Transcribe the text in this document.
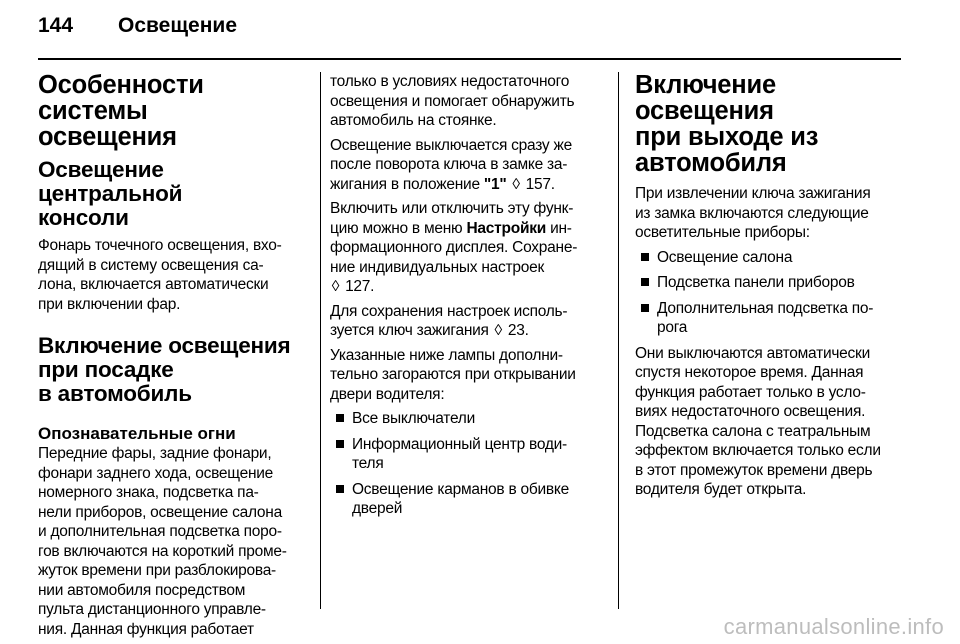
144 Освещение
Особенности системы
освещения
Освещение центральной
консоли

Фонарь точечного освещения, вхо-
дящий в систему освещения са-
лона, включается автоматически
при включении фар.

Включение освещения
при посадке
в автомобиль
Опознавательные огни

Передние фары, задние фонари,
фонари заднего хода, освещение
номерного знака, подсветка па-
нели приборов, освещение салона
и дополнительная подсветка поро-
гов включаются на короткий проме-
жуток времени при разблокирова-
нии автомобиля посредством
пульта дистанционного управле-
ния. Данная функция работает

только в условиях недостаточного
освещения и помогает обнаружить
автомобиль на стоянке.

Освещение выключается сразу же
после поворота ключа в замке за-
жигания в положение "1" ◊ 157.

Включить или отключить эту функ-
цию можно в меню Настройки ин-
формационного дисплея. Сохране-
ние индивидуальных настроек
◊ 127.

Для сохранения настроек исполь-
зуется ключ зажигания ◊ 23.

Указанные ниже лампы дополни-
тельно загораются при открывании
двери водителя:

Все выключатели
Информационный центр води-
теля
Освещение карманов в обивке
дверей
Включение освещения
при выходе из
автомобиля

При извлечении ключа зажигания
из замка включаются следующие
осветительные приборы:

Освещение салона
Подсветка панели приборов
Дополнительная подсветка по-
рога

Они выключаются автоматически
спустя некоторое время. Данная
функция работает только в усло-
виях недостаточного освещения.
Подсветка салона с театральным
эффектом включается только если
в этот промежуток времени дверь
водителя будет открыта.

carmanualsonline.info
